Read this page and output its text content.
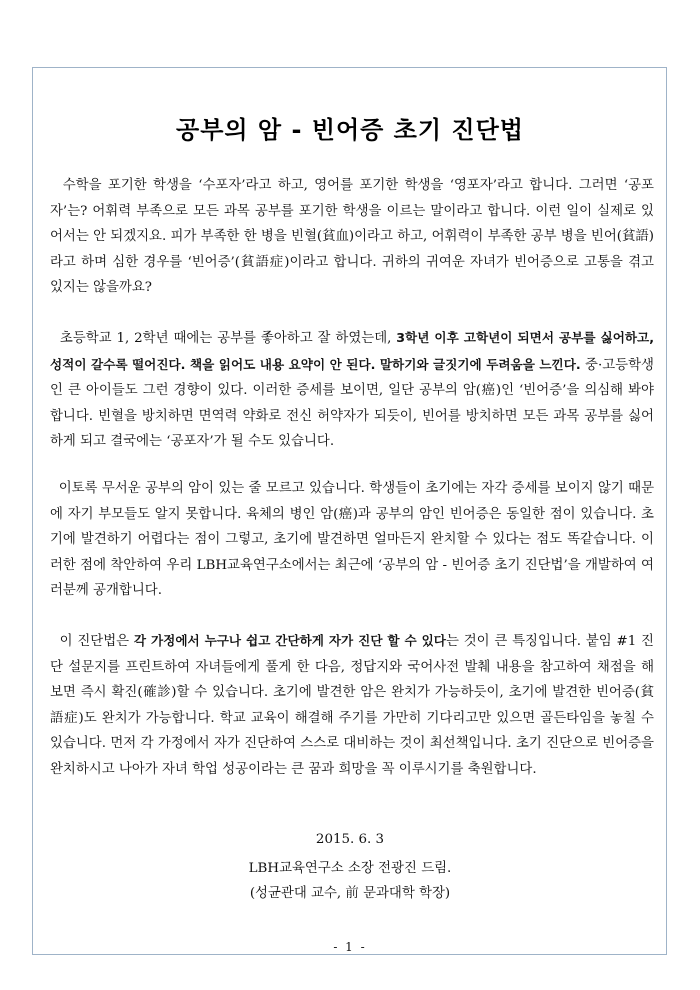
공부의 암 - 빈어증 초기 진단법

수학을 포기한 학생을 ‘수포자’라고 하고, 영어를 포기한 학생을 ‘영포자’라고 합니다. 그러면 ‘공포자’는? 어휘력 부족으로 모든 과목 공부를 포기한 학생을 이르는 말이라고 합니다. 이런 일이 실제로 있어서는 안 되겠지요. 피가 부족한 한 병을 빈혈(貧血)이라고 하고, 어휘력이 부족한 공부 병을 빈어(貧語)라고 하며 심한 경우를 ‘빈어증’(貧語症)이라고 합니다. 귀하의 귀여운 자녀가 빈어증으로 고통을 겪고 있지는 않을까요?

초등학교 1, 2학년 때에는 공부를 좋아하고 잘 하였는데, 3학년 이후 고학년이 되면서 공부를 싫어하고, 성적이 갈수록 떨어진다. 책을 읽어도 내용 요약이 안 된다. 말하기와 글짓기에 두려움을 느낀다. 중·고등학생인 큰 아이들도 그런 경향이 있다. 이러한 증세를 보이면, 일단 공부의 암(癌)인 ‘빈어증’을 의심해 봐야 합니다. 빈혈을 방치하면 면역력 약화로 전신 허약자가 되듯이, 빈어를 방치하면 모든 과목 공부를 싫어하게 되고 결국에는 ‘공포자’가 될 수도 있습니다.

이토록 무서운 공부의 암이 있는 줄 모르고 있습니다. 학생들이 초기에는 자각 증세를 보이지 않기 때문에 자기 부모들도 알지 못합니다. 육체의 병인 암(癌)과 공부의 암인 빈어증은 동일한 점이 있습니다. 초기에 발견하기 어렵다는 점이 그렇고, 초기에 발견하면 얼마든지 완치할 수 있다는 점도 똑같습니다. 이러한 점에 착안하여 우리 LBH교육연구소에서는 최근에 ‘공부의 암 - 빈어증 초기 진단법’을 개발하여 여러분께 공개합니다.

이 진단법은 각 가정에서 누구나 쉽고 간단하게 자가 진단 할 수 있다는 것이 큰 특징입니다. 붙임 #1 진단 설문지를 프린트하여 자녀들에게 풀게 한 다음, 정답지와 국어사전 발췌 내용을 참고하여 채점을 해 보면 즉시 확진(確診)할 수 있습니다. 초기에 발견한 암은 완치가 가능하듯이, 초기에 발견한 빈어증(貧語症)도 완치가 가능합니다. 학교 교육이 해결해 주기를 가만히 기다리고만 있으면 골든타임을 놓칠 수 있습니다. 먼저 각 가정에서 자가 진단하여 스스로 대비하는 것이 최선책입니다. 초기 진단으로 빈어증을 완치하시고 나아가 자녀 학업 성공이라는 큰 꿈과 희망을 꼭 이루시기를 축원합니다.

2015. 6. 3

LBH교육연구소 소장 전광진 드림.

(성균관대 교수, 前 문과대학 학장)

- 1 -
